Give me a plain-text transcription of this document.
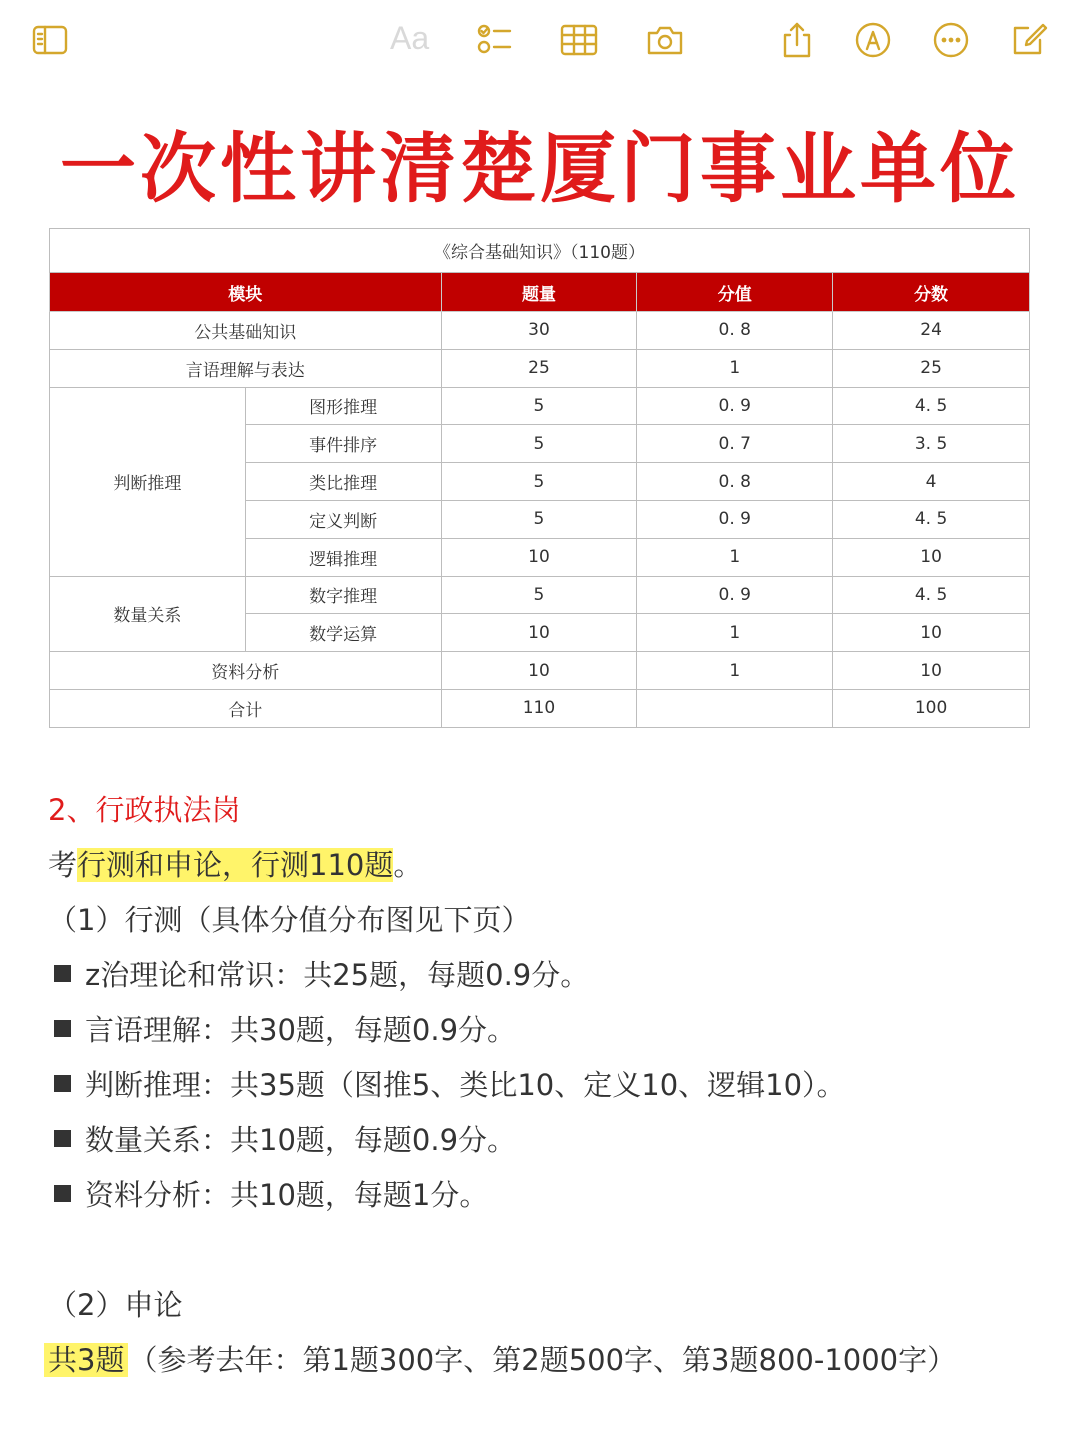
Aa
一次性讲清楚厦门事业单位
《综合基础知识》（110题）				
模块		题量	分值	分数
公共基础知识		30	0. 8	24
言语理解与表达		25	1	25
判断推理	图形推理	5	0. 9	4. 5
	事件排序	5	0. 7	3. 5
	类比推理	5	0. 8	4
	定义判断	5	0. 9	4. 5
	逻辑推理	10	1	10
数量关系	数字推理	5	0. 9	4. 5
	数学运算	10	1	10
资料分析		10	1	10
合计		110		100
2、行政执法岗
考行测和申论，行测110题。
（1）行测（具体分值分布图见下页）
z治理论和常识：共25题，每题0.9分。
言语理解：共30题，每题0.9分。
判断推理：共35题（图推5、类比10、定义10、逻辑10）。
数量关系：共10题，每题0.9分。
资料分析：共10题，每题1分。
（2）申论
共3题 （参考去年：第1题300字、第2题500字、第3题800-1000字）
